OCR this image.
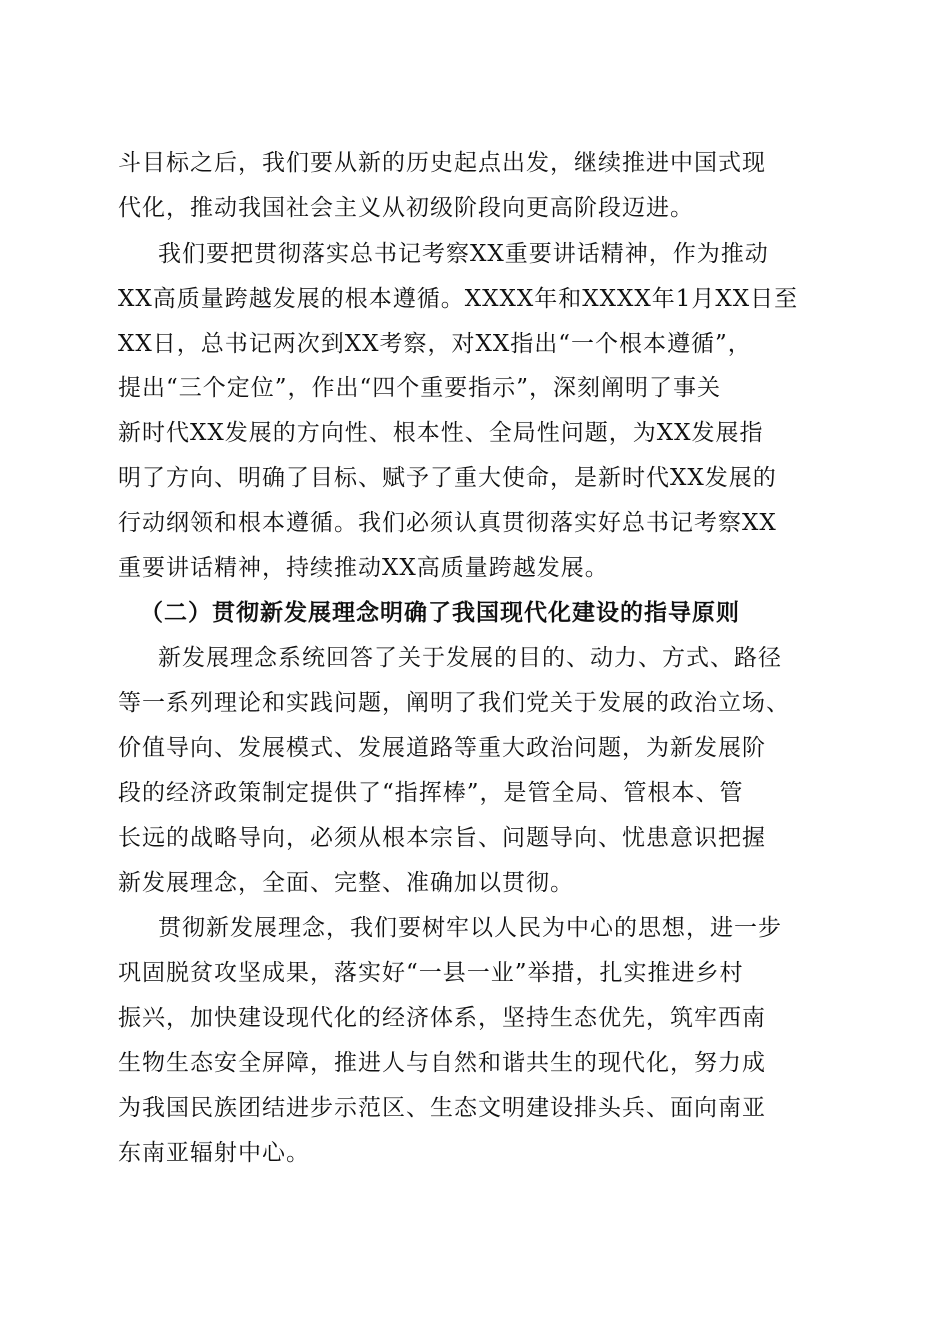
斗目标之后，我们要从新的历史起点出发，继续推进中国式现
代化，推动我国社会主义从初级阶段向更高阶段迈进。
我们要把贯彻落实总书记考察XX重要讲话精神，作为推动
XX高质量跨越发展的根本遵循。XXXX年和XXXX年1月XX日至
XX日，总书记两次到XX考察，对XX指出“一个根本遵循”，
提出“三个定位”，作出“四个重要指示”，深刻阐明了事关
新时代XX发展的方向性、根本性、全局性问题，为XX发展指
明了方向、明确了目标、赋予了重大使命，是新时代XX发展的
行动纲领和根本遵循。我们必须认真贯彻落实好总书记考察XX
重要讲话精神，持续推动XX高质量跨越发展。
（二）贯彻新发展理念明确了我国现代化建设的指导原则
新发展理念系统回答了关于发展的目的、动力、方式、路径
等一系列理论和实践问题，阐明了我们党关于发展的政治立场、
价值导向、发展模式、发展道路等重大政治问题，为新发展阶
段的经济政策制定提供了“指挥棒”，是管全局、管根本、管
长远的战略导向，必须从根本宗旨、问题导向、忧患意识把握
新发展理念，全面、完整、准确加以贯彻。
贯彻新发展理念，我们要树牢以人民为中心的思想，进一步
巩固脱贫攻坚成果，落实好“一县一业”举措，扎实推进乡村
振兴，加快建设现代化的经济体系，坚持生态优先，筑牢西南
生物生态安全屏障，推进人与自然和谐共生的现代化，努力成
为我国民族团结进步示范区、生态文明建设排头兵、面向南亚
东南亚辐射中心。
